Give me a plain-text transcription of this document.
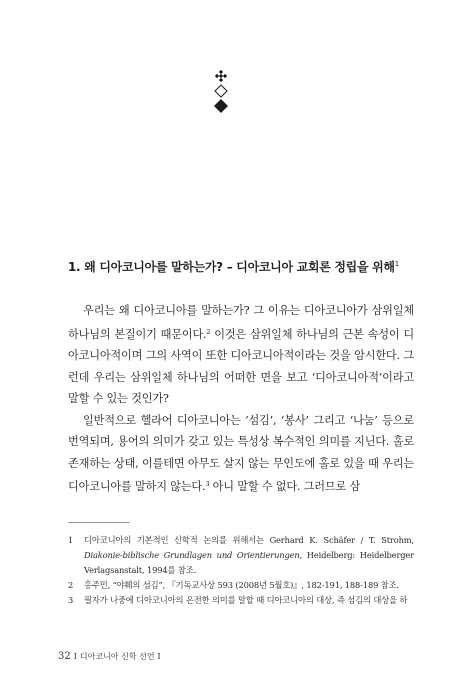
1. 왜 디아코니아를 말하는가? – 디아코니아 교회론 정립을 위해$^1$

우리는 왜 디아코니아를 말하는가? 그 이유는 디아코니아가 삼위일체 하나님의 본질이기 때문이다.$^2$ 이것은 삼위일체 하나님의 근본 속성이 디아코니아적이며 그의 사역이 또한 디아코니아적이라는 것을 암시한다. 그런데 우리는 삼위일체 하나님의 어떠한 면을 보고 ‘디아코니아적’이라고 말할 수 있는 것인가?

일반적으로 헬라어 디아코니아는 ‘섬김’, ‘봉사’ 그리고 ‘나눔’ 등으로 번역되며, 용어의 의미가 갖고 있는 특성상 복수적인 의미를 지닌다. 홀로 존재하는 상태, 이를테면 아무도 살지 않는 무인도에 홀로 있을 때 우리는 디아코니아를 말하지 않는다.$^3$ 아니 말할 수 없다. 그러므로 삼

1 디아코니아의 기본적인 신학적 논의를 위해서는 Gerhard K. Schäfer / T. Strohm, Diakonie-biblische Grundlagen und Orientierungen, Heidelberg: Heidelberger Verlagsanstalt, 1994를 참조.
2 홍주민, “야훼의 섬김”, 『기독교사상 593 (2008년 5월호)』, 182-191, 188-189 참조.
3 필자가 나중에 디아코니아의 온전한 의미를 말할 때 디아코니아의 대상, 즉 섬김의 대상을 하
32 I 디아코니아 신학 선언 I
